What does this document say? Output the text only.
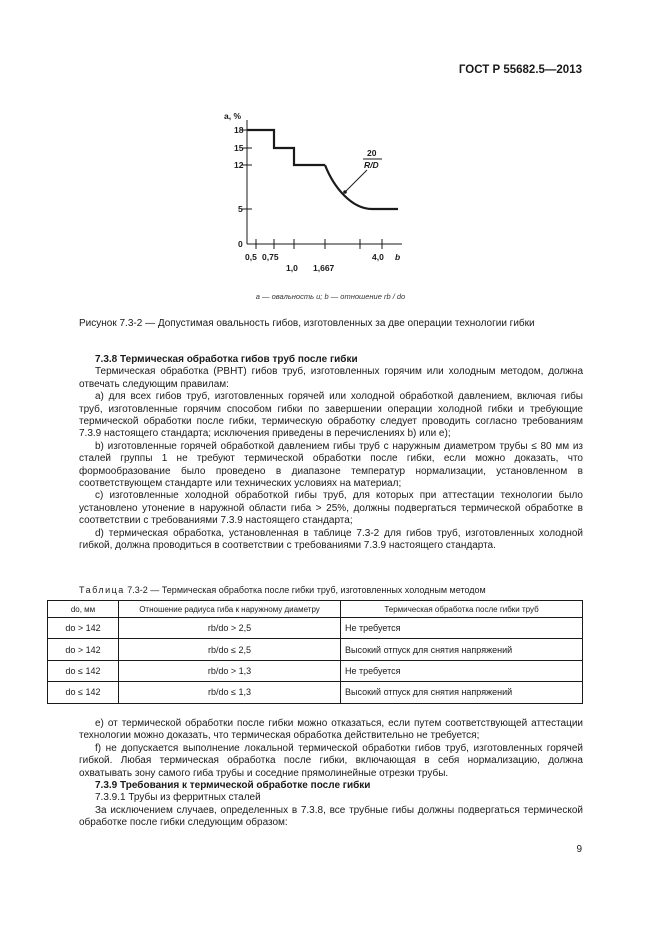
ГОСТ Р 55682.5—2013
a, %
18
15
12
5
0
0,5 0,75	4,0 b
1,0 1,667
20
R/D
a — овальность u; b — отношение rb / do
Рисунок 7.3-2 — Допустимая овальность гибов, изготовленных за две операции технологии гибки

7.3.8 Термическая обработка гибов труб после гибки

Термическая обработка (РВНТ) гибов труб, изготовленных горячим или холодным методом, должна отвечать следующим правилам:

а) для всех гибов труб, изготовленных горячей или холодной обработкой давлением, включая гибы труб, изготовленные горячим способом гибки по завершении операции холодной гибки и требующие термической обработки после гибки, термическую обработку следует проводить согласно требованиям 7.3.9 настоящего стандарта; исключения приведены в перечислениях b) или е);

b) изготовленные горячей обработкой давлением гибы труб с наружным диаметром трубы ≤ 80 мм из сталей группы 1 не требуют термической обработки после гибки, если можно доказать, что формообразование было проведено в диапазоне температур нормализации, установленном в соответствующем стандарте или технических условиях на материал;

с) изготовленные холодной обработкой гибы труб, для которых при аттестации технологии было установлено утонение в наружной области гиба > 25%, должны подвергаться термической обработке в соответствии с требованиями 7.3.9 настоящего стандарта;

d) термическая обработка, установленная в таблице 7.3-2 для гибов труб, изготовленных холодной гибкой, должна проводиться в соответствии с требованиями 7.3.9 настоящего стандарта.

Таблица 7.3-2 — Термическая обработка после гибки труб, изготовленных холодным методом
do, мм	Отношение радиуса гиба к наружному диаметру	Термическая обработка после гибки труб
do > 142	rb/do > 2,5	Не требуется
do > 142	rb/do ≤ 2,5	Высокий отпуск для снятия напряжений
do ≤ 142	rb/do > 1,3	Не требуется
do ≤ 142	rb/do ≤ 1,3	Высокий отпуск для снятия напряжений

е) от термической обработки после гибки можно отказаться, если путем соответствующей аттестации технологии можно доказать, что термическая обработка действительно не требуется;

f) не допускается выполнение локальной термической обработки гибов труб, изготовленных горячей гибкой. Любая термическая обработка после гибки, включающая в себя нормализацию, должна охватывать зону самого гиба трубы и соседние прямолинейные отрезки трубы.

7.3.9 Требования к термической обработке после гибки

7.3.9.1 Трубы из ферритных сталей

За исключением случаев, определенных в 7.3.8, все трубные гибы должны подвергаться термической обработке после гибки следующим образом:

9
